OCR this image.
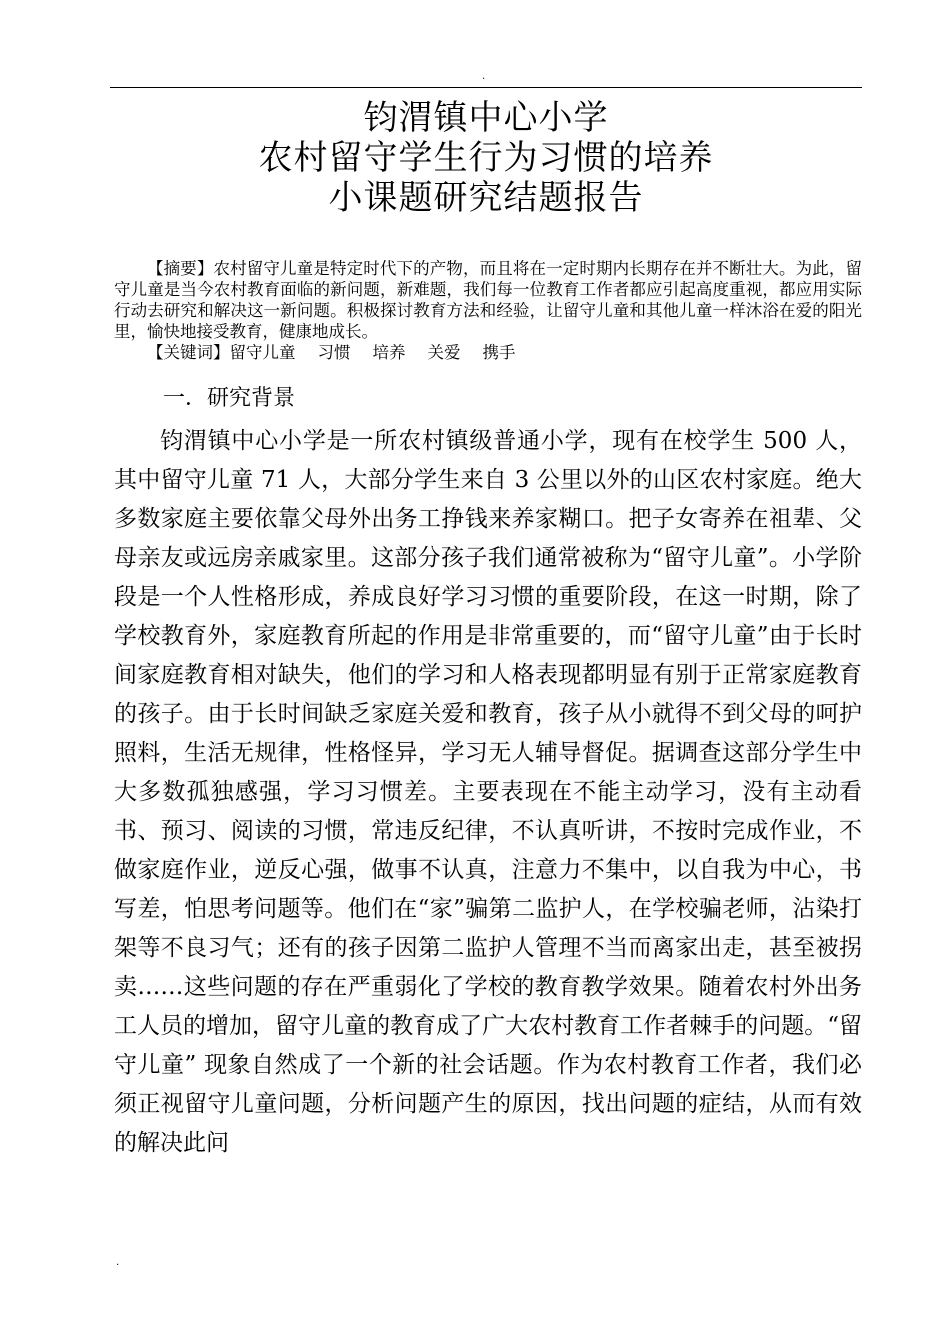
.
钧渭镇中心小学
农村留守学生行为习惯的培养
小课题研究结题报告

【摘要】农村留守儿童是特定时代下的产物，而且将在一定时期内长期存在并不断壮大。为此，留守儿童是当今农村教育面临的新问题，新难题，我们每一位教育工作者都应引起高度重视，都应用实际行动去研究和解决这一新问题。积极探讨教育方法和经验，让留守儿童和其他儿童一样沐浴在爱的阳光里，愉快地接受教育，健康地成长。

【关键词】留守儿童 习惯 培养 关爱 携手

一．研究背景

钧渭镇中心小学是一所农村镇级普通小学，现有在校学生 500 人，其中留守儿童 71 人，大部分学生来自 3 公里以外的山区农村家庭。绝大多数家庭主要依靠父母外出务工挣钱来养家糊口。把子女寄养在祖辈、父母亲友或远房亲戚家里。这部分孩子我们通常被称为“留守儿童”。小学阶段是一个人性格形成，养成良好学习习惯的重要阶段，在这一时期，除了学校教育外，家庭教育所起的作用是非常重要的，而“留守儿童”由于长时间家庭教育相对缺失，他们的学习和人格表现都明显有别于正常家庭教育的孩子。由于长时间缺乏家庭关爱和教育，孩子从小就得不到父母的呵护照料，生活无规律，性格怪异，学习无人辅导督促。据调查这部分学生中大多数孤独感强，学习习惯差。主要表现在不能主动学习，没有主动看书、预习、阅读的习惯，常违反纪律，不认真听讲，不按时完成作业，不做家庭作业，逆反心强，做事不认真，注意力不集中，以自我为中心，书写差，怕思考问题等。他们在“家”骗第二监护人，在学校骗老师，沾染打架等不良习气；还有的孩子因第二监护人管理不当而离家出走，甚至被拐卖……这些问题的存在严重弱化了学校的教育教学效果。随着农村外出务工人员的增加，留守儿童的教育成了广大农村教育工作者棘手的问题。“留守儿童” 现象自然成了一个新的社会话题。作为农村教育工作者，我们必须正视留守儿童问题，分析问题产生的原因，找出问题的症结，从而有效的解决此问

.
